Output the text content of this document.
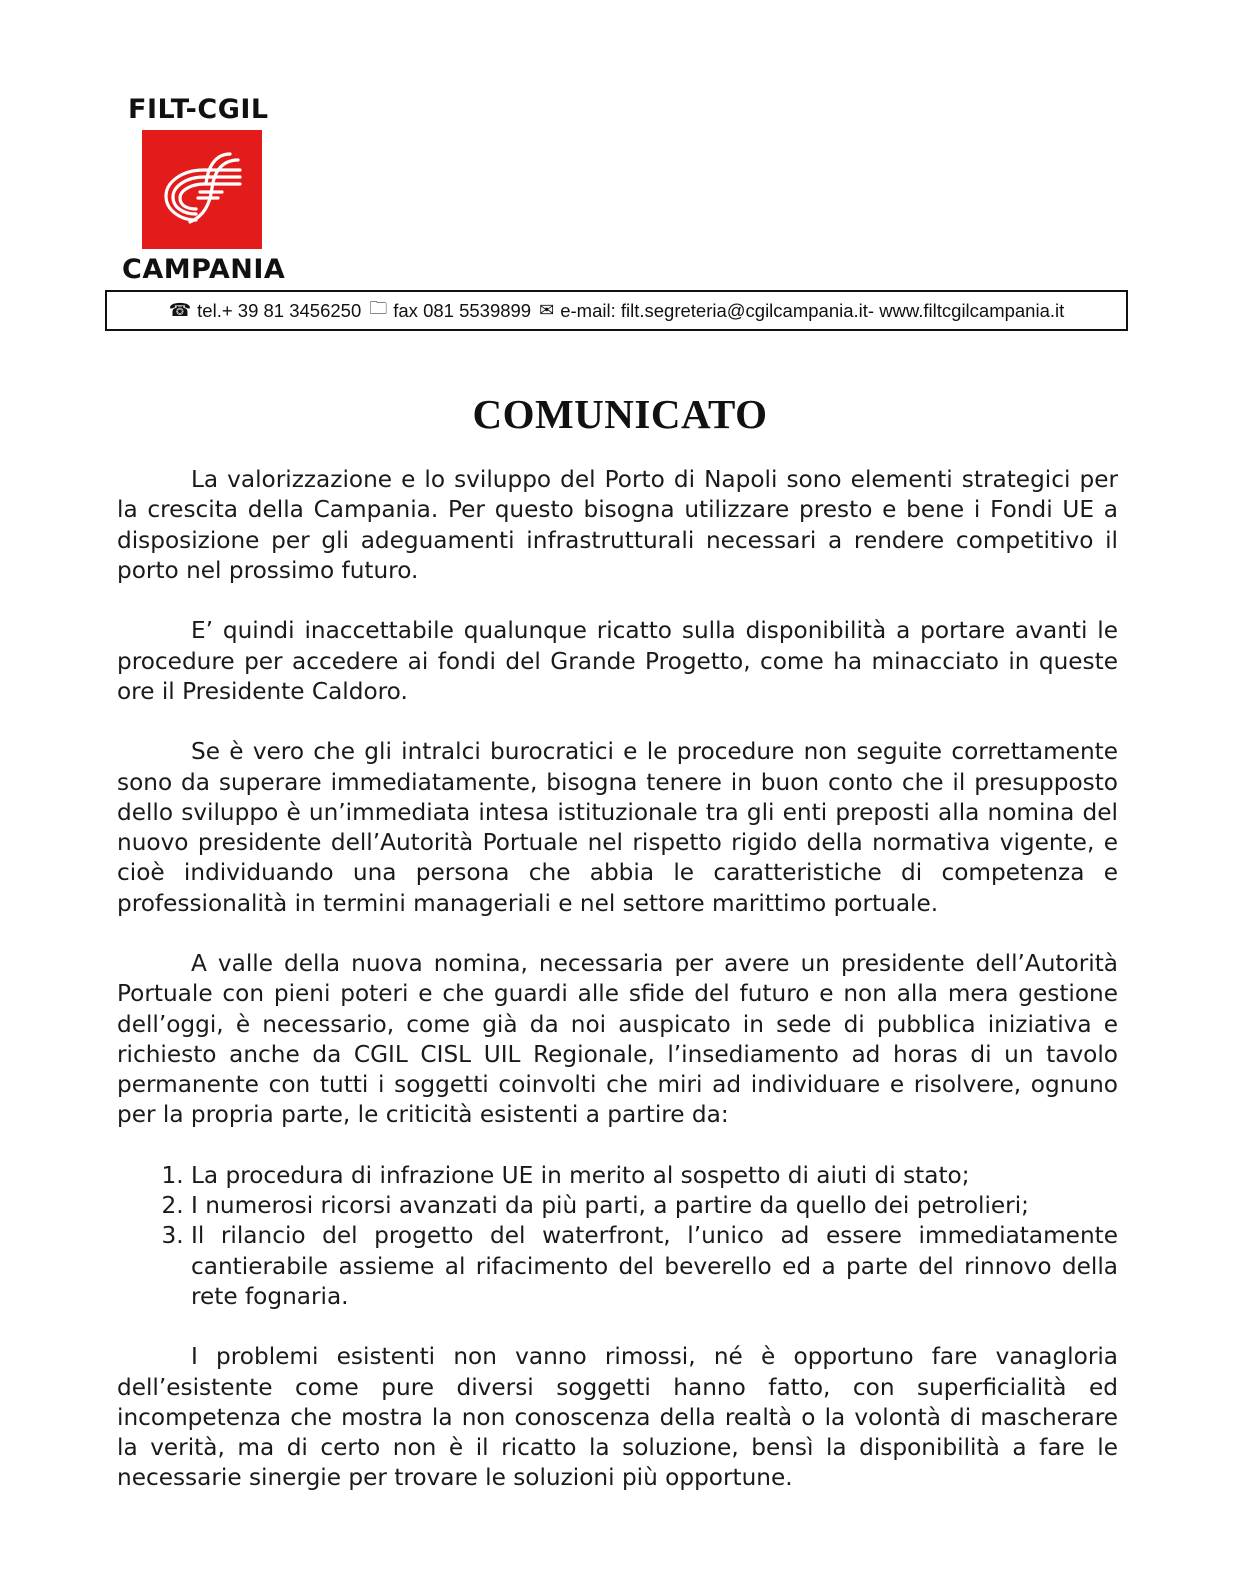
FILT-CGIL
CAMPANIA
☎ tel.+ 39 81 3456250 🗀 fax 081 5539899 ✉ e-mail: filt.segreteria@cgilcampania.it- www.filtcgilcampania.it
COMUNICATO

La valorizzazione e lo sviluppo del Porto di Napoli sono elementi strategici per la crescita della Campania. Per questo bisogna utilizzare presto e bene i Fondi UE a disposizione per gli adeguamenti infrastrutturali necessari a rendere competitivo il porto nel prossimo futuro.

E’ quindi inaccettabile qualunque ricatto sulla disponibilità a portare avanti le procedure per accedere ai fondi del Grande Progetto, come ha minacciato in queste ore il Presidente Caldoro.

Se è vero che gli intralci burocratici e le procedure non seguite correttamente sono da superare immediatamente, bisogna tenere in buon conto che il presupposto dello sviluppo è un’immediata intesa istituzionale tra gli enti preposti alla nomina del nuovo presidente dell’Autorità Portuale nel rispetto rigido della normativa vigente, e cioè individuando una persona che abbia le caratteristiche di competenza e professionalità in termini manageriali e nel settore marittimo portuale.

A valle della nuova nomina, necessaria per avere un presidente dell’Autorità Portuale con pieni poteri e che guardi alle sfide del futuro e non alla mera gestione dell’oggi, è necessario, come già da noi auspicato in sede di pubblica iniziativa e richiesto anche da CGIL CISL UIL Regionale, l’insediamento ad horas di un tavolo permanente con tutti i soggetti coinvolti che miri ad individuare e risolvere, ognuno per la propria parte, le criticità esistenti a partire da:

1. La procedura di infrazione UE in merito al sospetto di aiuti di stato;
2. I numerosi ricorsi avanzati da più parti, a partire da quello dei petrolieri;
3. Il rilancio del progetto del waterfront, l’unico ad essere immediatamente cantierabile assieme al rifacimento del beverello ed a parte del rinnovo della rete fognaria.

I problemi esistenti non vanno rimossi, né è opportuno fare vanagloria dell’esistente come pure diversi soggetti hanno fatto, con superficialità ed incompetenza che mostra la non conoscenza della realtà o la volontà di mascherare la verità, ma di certo non è il ricatto la soluzione, bensì la disponibilità a fare le necessarie sinergie per trovare le soluzioni più opportune.
